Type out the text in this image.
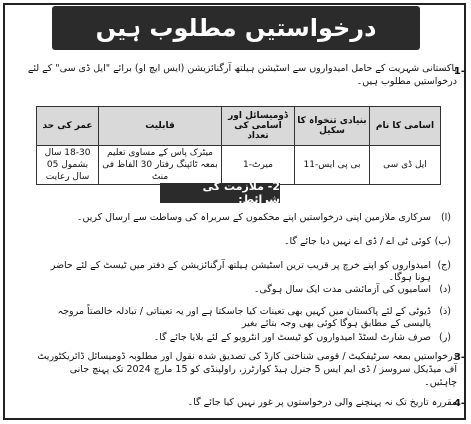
درخواستیں مطلوب ہیں
1-
پاکستانی شہریت کے حامل امیدواروں سے اسٹیشن ہیلتھ آرگنائزیشن (ایس ایچ او) برائے "ایل ڈی سی" کے لئے درخواستیں مطلوب ہیں۔
اسامی کا نام	بنیادی تنخواہ کا سکیل	ڈومیسائل اور اسامی کی تعداد	قابلیت	عمر کی حد
ایل ڈی سی	بی پی ایس-11	میرٹ-1	میٹرک پاس کے مساوی تعلیم بمعہ ٹائپنگ رفتار 30 الفاظ فی منٹ	18-30 سال بشمول 05 سال رعایت
2- ملازمت کی شرائط:
(ا)
سرکاری ملازمین اپنی درخواستیں اپنے محکموں کے سربراہ کی وساطت سے ارسال کریں۔
(ب)
کوئی ٹی اے / ڈی اے نہیں دیا جائے گا۔
(ج)
امیدواروں کو اپنے خرچ پر قریب ترین اسٹیشن ہیلتھ آرگنائزیشن کے دفتر میں ٹیسٹ کے لئے حاضر ہونا ہوگا۔
(د)
اسامیوں کی آزمائشی مدت ایک سال ہوگی۔
(ذ)
ڈیوٹی کے لئے پاکستان میں کہیں بھی تعینات کیا جاسکتا ہے اور یہ تعیناتی / تبادلہ خالصتاً مروجہ پالیسی کے مطابق ہوگا کوئی بھی وجہ بتائے بغیر
(ر)
صرف شارٹ لسٹڈ امیدواروں کو ٹیسٹ اور انٹرویو کے لئے بلایا جائے گا۔
3-
درخواستیں بمعہ سرٹیفکیٹ / قومی شناختی کارڈ کی تصدیق شدہ نقول اور مطلوبہ ڈومیسائل ڈائریکٹوریٹ آف میڈیکل سروسز / ڈی ایم ایس 5 جنرل ہیڈ کوارٹرز، راولپنڈی کو 15 مارچ 2024 تک پہنچ جانی چاہئیں۔
4-
مقررہ تاریخ تک نہ پہنچنے والی درخواستوں پر غور نہیں کیا جائے گا۔
